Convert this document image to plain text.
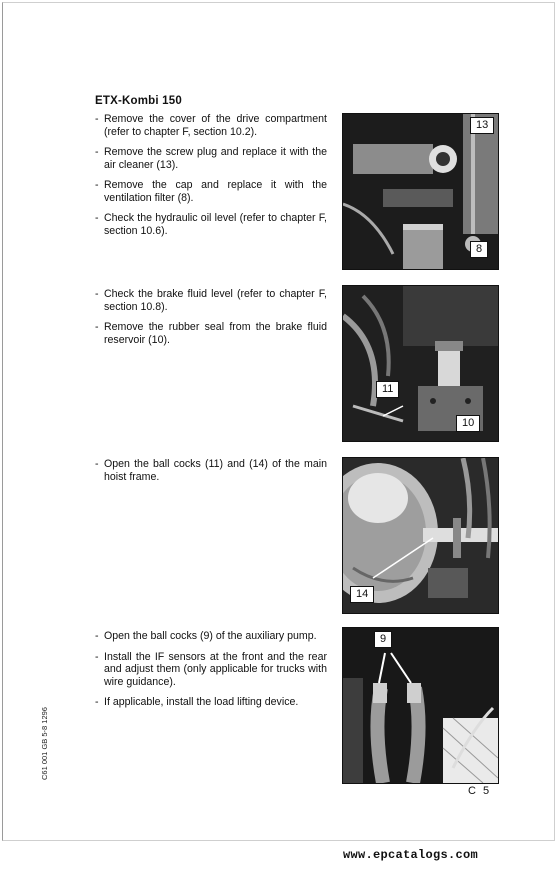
ETX-Kombi 150
- Remove the cover of the drive compartment (refer to chapter F, section 10.2).
- Remove the screw plug and replace it with the air cleaner (13).
- Remove the cap and replace it with the ventilation filter (8).
- Check the hydraulic oil level (refer to chapter F, section 10.6).
13
8
- Check the brake fluid level (refer to chapter F, section 10.8).
- Remove the rubber seal from the brake fluid reservoir (10).
11
10
- Open the ball cocks (11) and (14) of the main hoist frame.
14
- Open the ball cocks (9) of the auxiliary pump.
- Install the IF sensors at the front and the rear and adjust them (only applicable for trucks with wire guidance).
- If applicable, install the load lifting device.
9
C61 001 GB 5-8 1296
C 5
www.epcatalogs.com
